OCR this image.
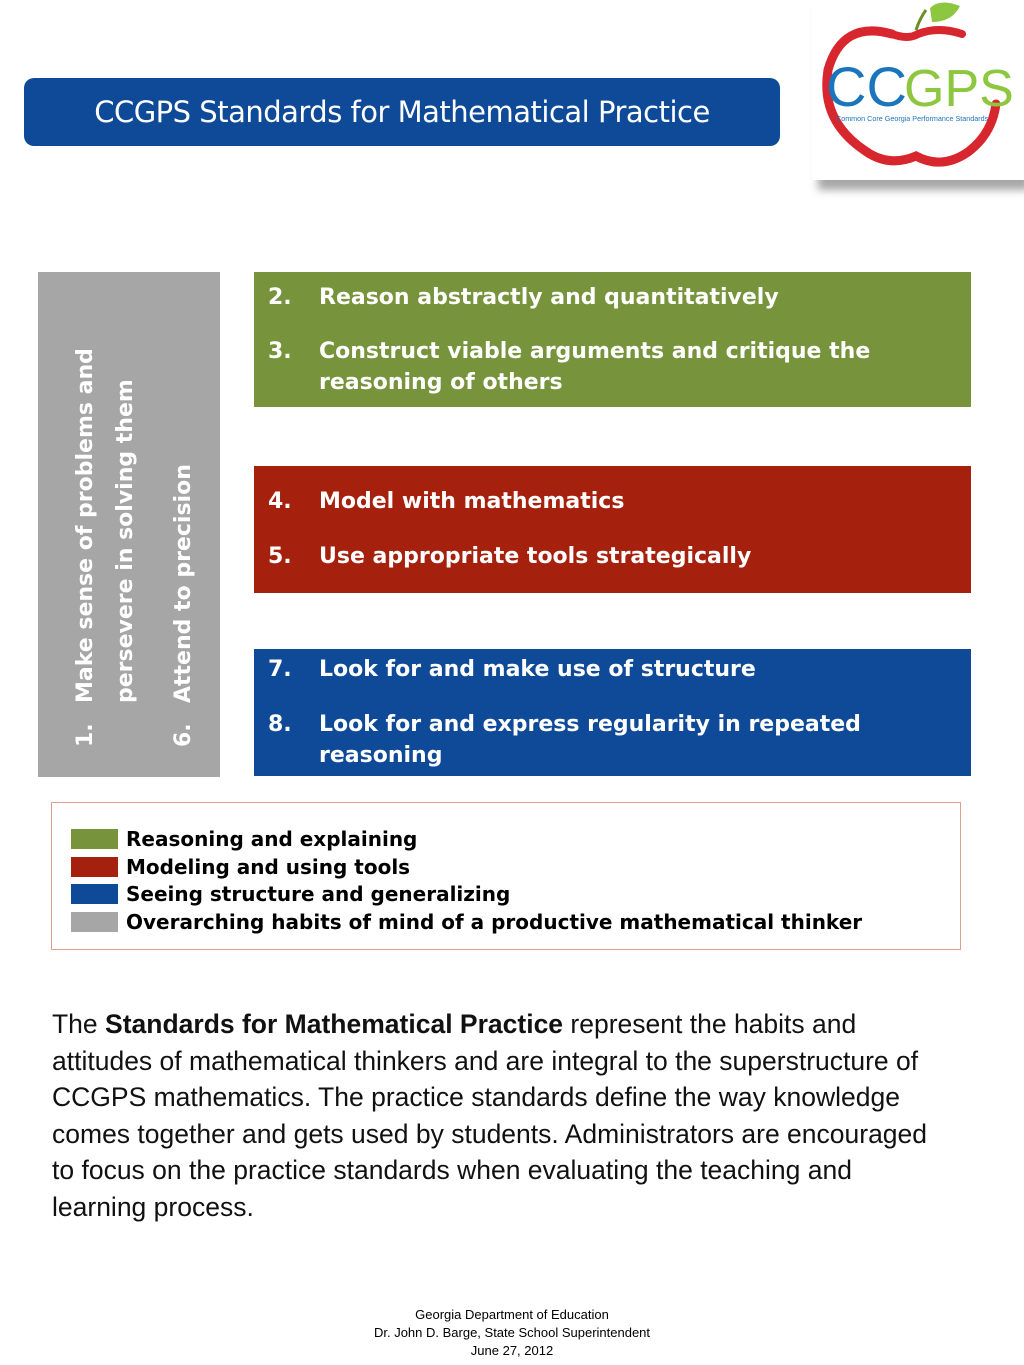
CCGPS Standards for Mathematical Practice CC
GPS
Common Core Georgia Performance Standards
1.
Make sense of problems and persevere in solving them
6.
Attend to precision
2.	Reason abstractly and quantitatively
3.	Construct viable arguments and critique the reasoning of others
4.	Model with mathematics
5.	Use appropriate tools strategically
7.	Look for and make use of structure
8.	Look for and express regularity in repeated reasoning
Reasoning and explaining
Modeling and using tools
Seeing structure and generalizing
Overarching habits of mind of a productive mathematical thinker
The Standards for Mathematical Practice represent the habits and attitudes of mathematical thinkers and are integral to the superstructure of CCGPS mathematics. The practice standards define the way knowledge comes together and gets used by students. Administrators are encouraged to focus on the practice standards when evaluating the teaching and learning process.
Georgia Department of Education
Dr. John D. Barge, State School Superintendent
June 27, 2012
